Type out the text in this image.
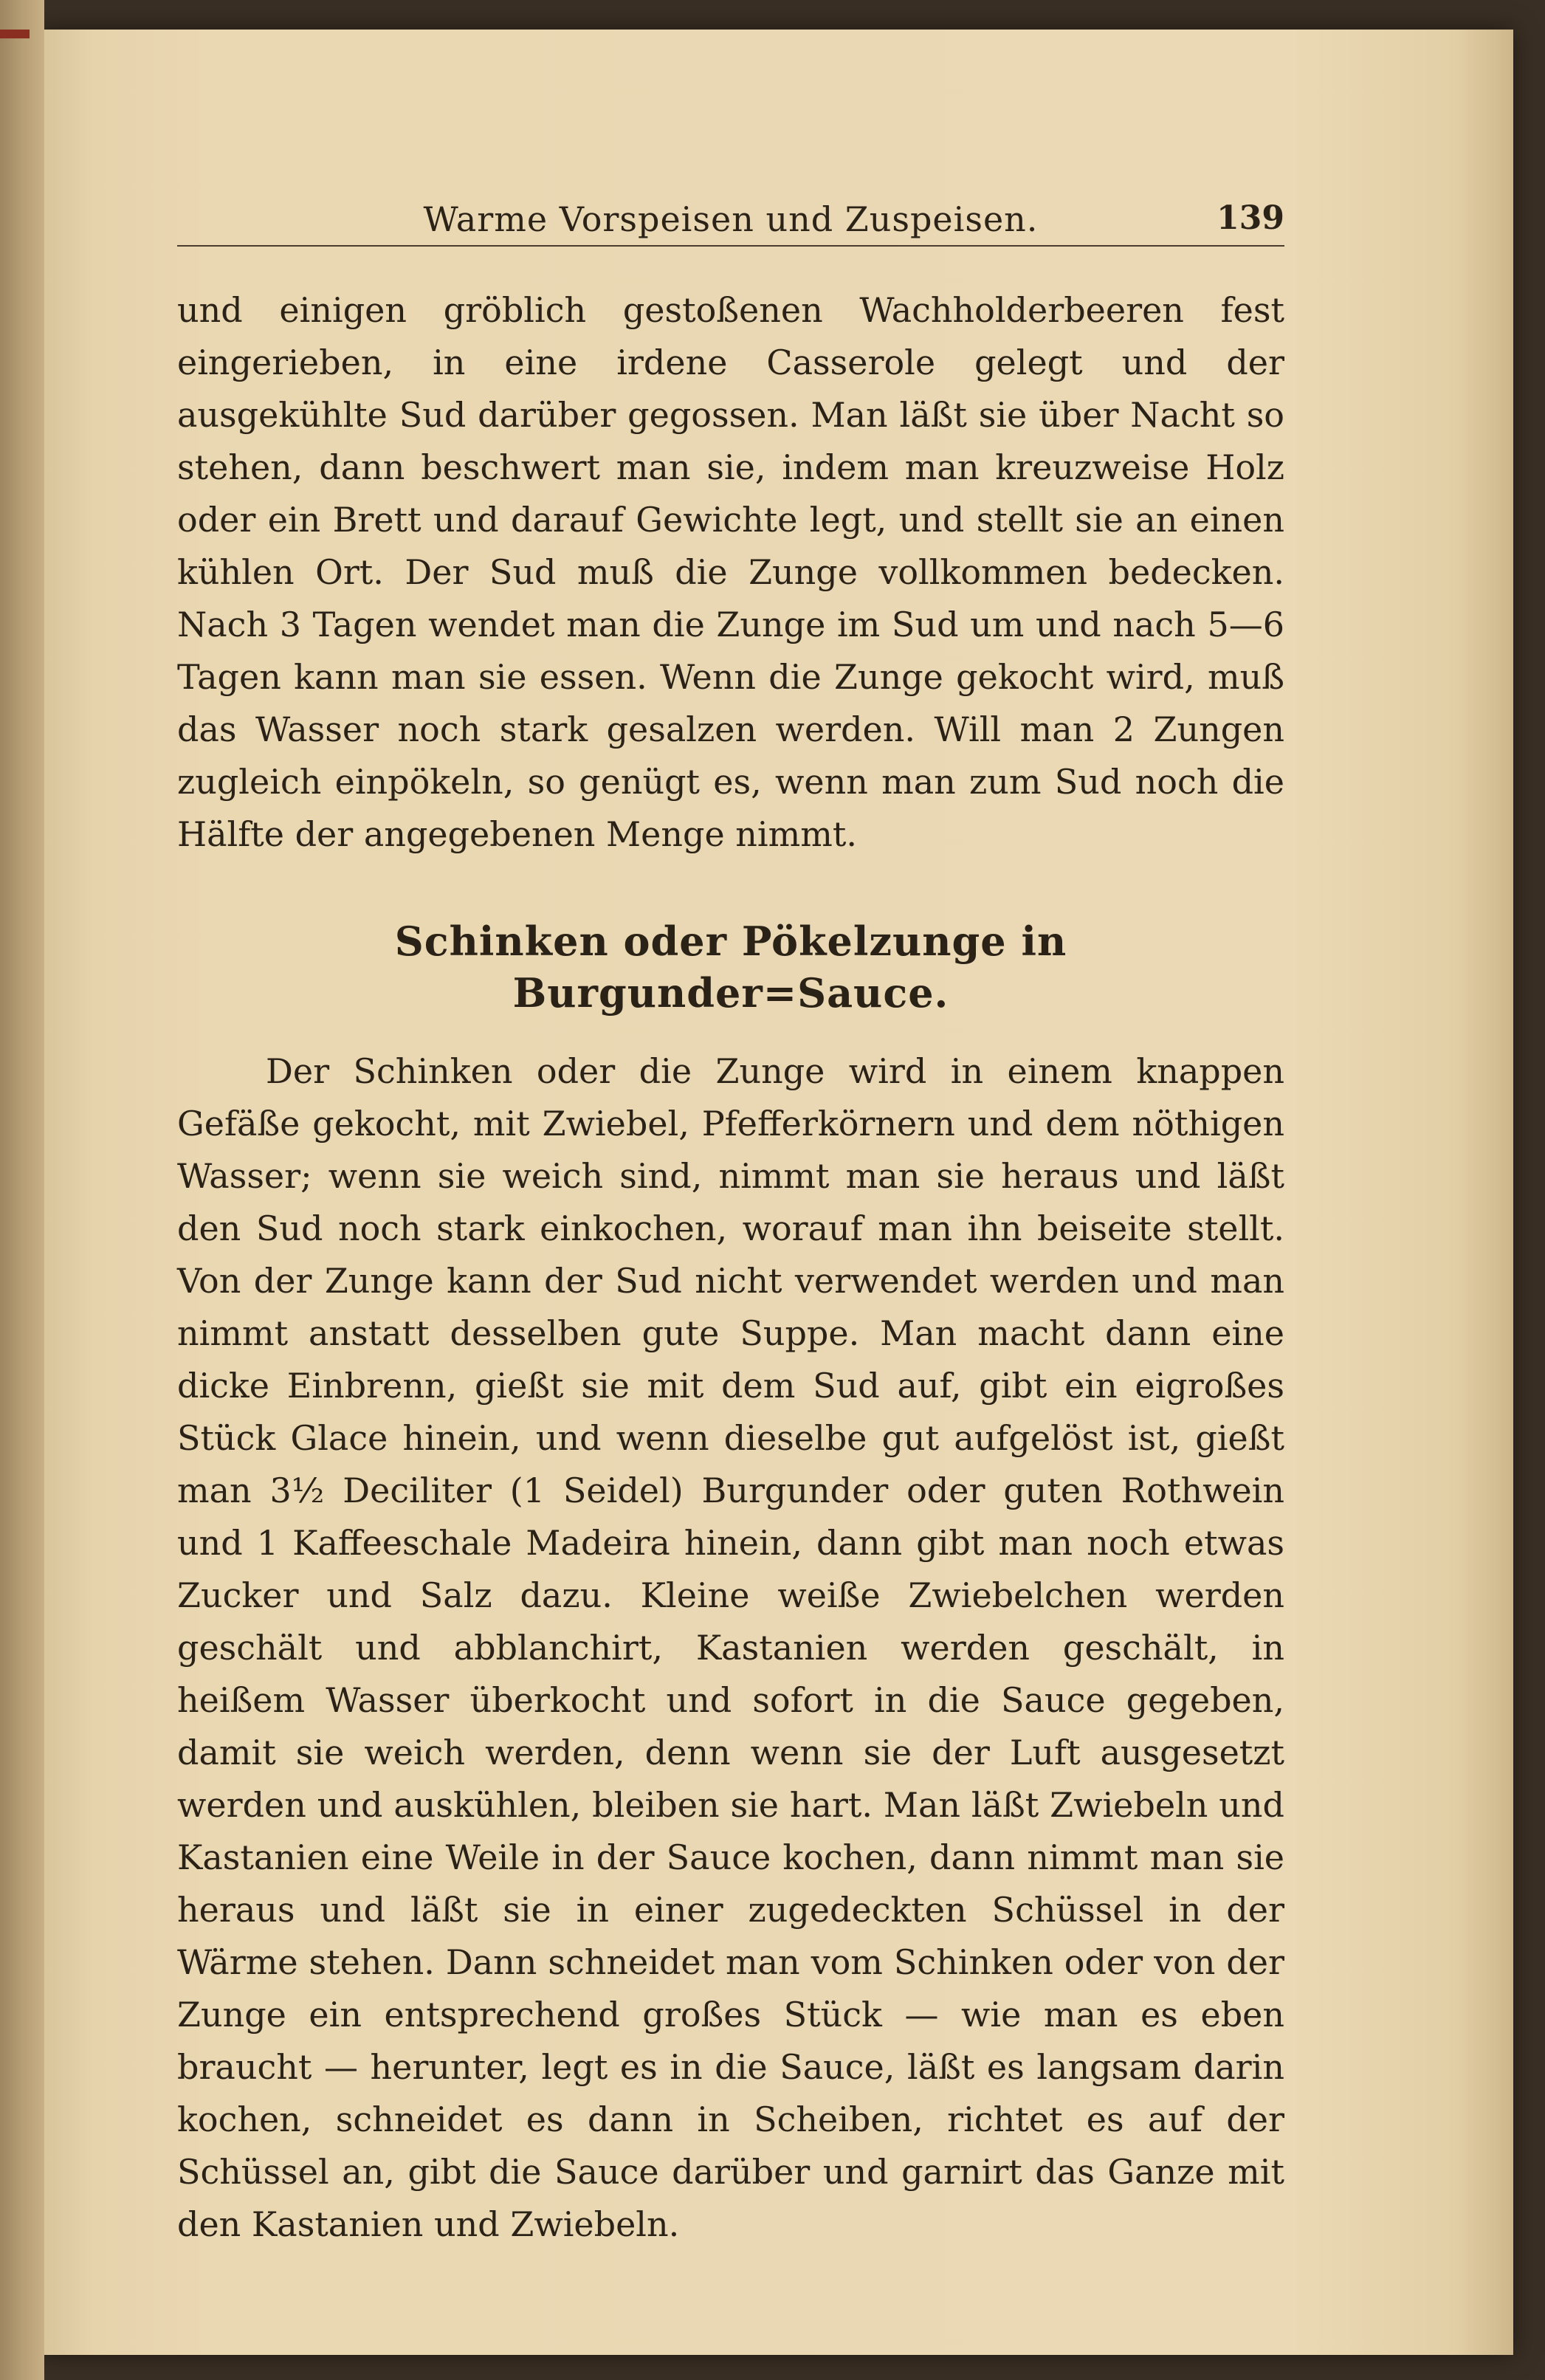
Warme Vorspeisen und Zuspeisen.	139

und einigen gröblich gestoßenen Wachholderbeeren fest eingerieben, in eine irdene Casserole gelegt und der ausgekühlte Sud darüber gegossen. Man läßt sie über Nacht so stehen, dann beschwert man sie, indem man kreuzweise Holz oder ein Brett und darauf Gewichte legt, und stellt sie an einen kühlen Ort. Der Sud muß die Zunge vollkommen bedecken. Nach 3 Tagen wendet man die Zunge im Sud um und nach 5—6 Tagen kann man sie essen. Wenn die Zunge gekocht wird, muß das Wasser noch stark gesalzen werden. Will man 2 Zungen zugleich einpökeln, so genügt es, wenn man zum Sud noch die Hälfte der angegebenen Menge nimmt.

Schinken oder Pökelzunge in Burgunder=Sauce.

Der Schinken oder die Zunge wird in einem knappen Gefäße gekocht, mit Zwiebel, Pfefferkörnern und dem nöthigen Wasser; wenn sie weich sind, nimmt man sie heraus und läßt den Sud noch stark einkochen, worauf man ihn beiseite stellt. Von der Zunge kann der Sud nicht verwendet werden und man nimmt anstatt desselben gute Suppe. Man macht dann eine dicke Einbrenn, gießt sie mit dem Sud auf, gibt ein eigroßes Stück Glace hinein, und wenn dieselbe gut aufgelöst ist, gießt man 3½ Deciliter (1 Seidel) Burgunder oder guten Rothwein und 1 Kaffeeschale Madeira hinein, dann gibt man noch etwas Zucker und Salz dazu. Kleine weiße Zwiebelchen werden geschält und abblanchirt, Kastanien werden geschält, in heißem Wasser überkocht und sofort in die Sauce gegeben, damit sie weich werden, denn wenn sie der Luft ausgesetzt werden und auskühlen, bleiben sie hart. Man läßt Zwiebeln und Kastanien eine Weile in der Sauce kochen, dann nimmt man sie heraus und läßt sie in einer zugedeckten Schüssel in der Wärme stehen. Dann schneidet man vom Schinken oder von der Zunge ein entsprechend großes Stück — wie man es eben braucht — herunter, legt es in die Sauce, läßt es langsam darin kochen, schneidet es dann in Scheiben, richtet es auf der Schüssel an, gibt die Sauce darüber und garnirt das Ganze mit den Kastanien und Zwiebeln.
